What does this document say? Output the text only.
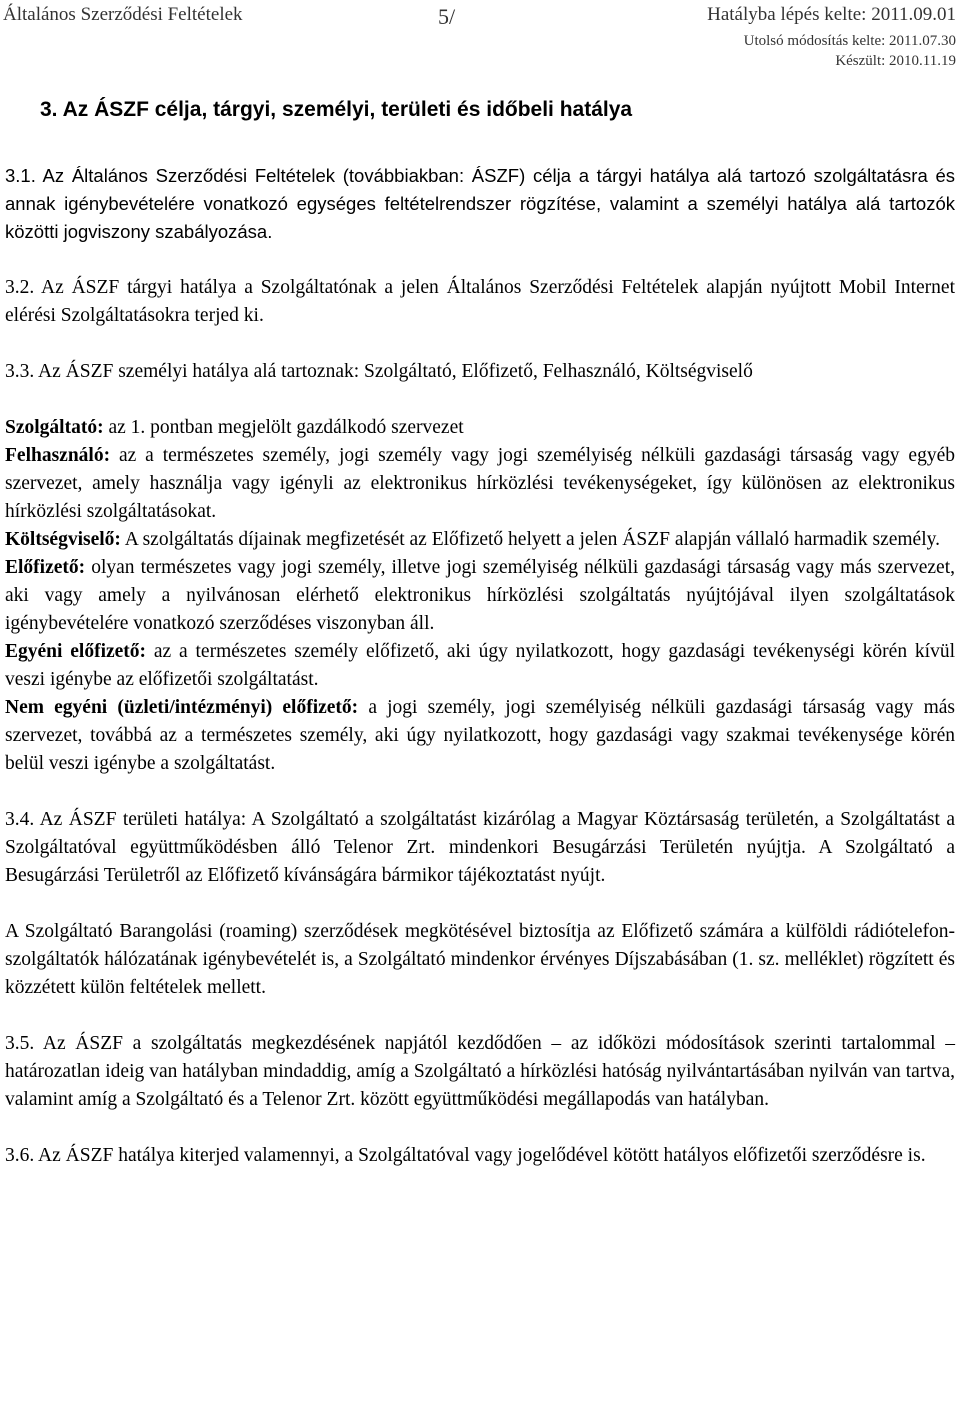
Általános Szerződési Feltételek	5/	Hatályba lépés kelte: 2011.09.01
Utolsó módosítás kelte: 2011.07.30
Készült: 2010.11.19
3. Az ÁSZF célja, tárgyi, személyi, területi és időbeli hatálya

3.1. Az Általános Szerződési Feltételek (továbbiakban: ÁSZF) célja a tárgyi hatálya alá tartozó szolgáltatásra és annak igénybevételére vonatkozó egységes feltételrendszer rögzítése, valamint a személyi hatálya alá tartozók közötti jogviszony szabályozása.

3.2. Az ÁSZF tárgyi hatálya a Szolgáltatónak a jelen Általános Szerződési Feltételek alapján nyújtott Mobil Internet elérési Szolgáltatásokra terjed ki.

3.3. Az ÁSZF személyi hatálya alá tartoznak: Szolgáltató, Előfizető, Felhasználó, Költségviselő

Szolgáltató: az 1. pontban megjelölt gazdálkodó szervezet

Felhasználó: az a természetes személy, jogi személy vagy jogi személyiség nélküli gazdasági társaság vagy egyéb szervezet, amely használja vagy igényli az elektronikus hírközlési tevékenységeket, így különösen az elektronikus hírközlési szolgáltatásokat.

Költségviselő: A szolgáltatás díjainak megfizetését az Előfizető helyett a jelen ÁSZF alapján vállaló harmadik személy.

Előfizető: olyan természetes vagy jogi személy, illetve jogi személyiség nélküli gazdasági társaság vagy más szervezet, aki vagy amely a nyilvánosan elérhető elektronikus hírközlési szolgáltatás nyújtójával ilyen szolgáltatások igénybevételére vonatkozó szerződéses viszonyban áll.

Egyéni előfizető: az a természetes személy előfizető, aki úgy nyilatkozott, hogy gazdasági tevékenységi körén kívül veszi igénybe az előfizetői szolgáltatást.

Nem egyéni (üzleti/intézményi) előfizető: a jogi személy, jogi személyiség nélküli gazdasági társaság vagy más szervezet, továbbá az a természetes személy, aki úgy nyilatkozott, hogy gazdasági vagy szakmai tevékenysége körén belül veszi igénybe a szolgáltatást.

3.4. Az ÁSZF területi hatálya: A Szolgáltató a szolgáltatást kizárólag a Magyar Köztársaság területén, a Szolgáltatást a Szolgáltatóval együttműködésben álló Telenor Zrt. mindenkori Besugárzási Területén nyújtja. A Szolgáltató a Besugárzási Területről az Előfizető kívánságára bármikor tájékoztatást nyújt.

A Szolgáltató Barangolási (roaming) szerződések megkötésével biztosítja az Előfizető számára a külföldi rádiótelefon-szolgáltatók hálózatának igénybevételét is, a Szolgáltató mindenkor érvényes Díjszabásában (1. sz. melléklet) rögzített és közzétett külön feltételek mellett.

3.5. Az ÁSZF a szolgáltatás megkezdésének napjától kezdődően – az időközi módosítások szerinti tartalommal – határozatlan ideig van hatályban mindaddig, amíg a Szolgáltató a hírközlési hatóság nyilvántartásában nyilván van tartva, valamint amíg a Szolgáltató és a Telenor Zrt. között együttműködési megállapodás van hatályban.

3.6. Az ÁSZF hatálya kiterjed valamennyi, a Szolgáltatóval vagy jogelődével kötött hatályos előfizetői szerződésre is.
